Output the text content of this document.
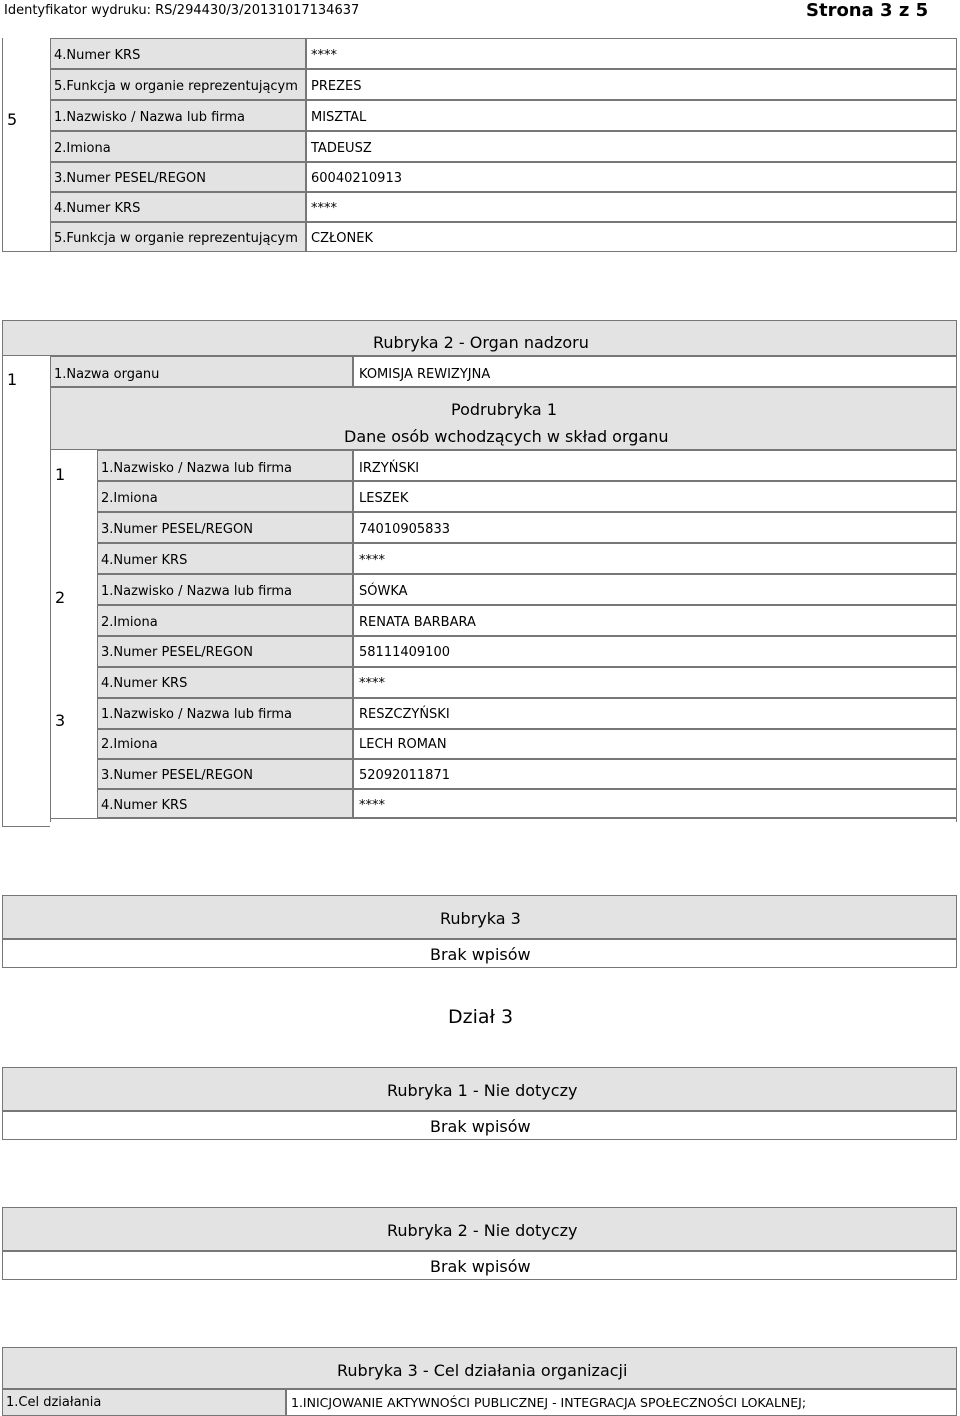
Identyfikator wydruku: RS/294430/3/20131017134637	Strona 3 z 5
5
4.Numer KRS	****
5.Funkcja w organie reprezentującym PREZES
1.Nazwisko / Nazwa lub firma	MISZTAL
2.Imiona	TADEUSZ
3.Numer PESEL/REGON	60040210913
4.Numer KRS	****
5.Funkcja w organie reprezentującym CZŁONEK
Rubryka 2 - Organ nadzoru
1	1.Nazwa organu	KOMISJA REWIZYJNA
Podrubryka 1
Dane osób wchodzących w skład organu
1	1.Nazwisko / Nazwa lub firma	IRZYŃSKI
2.Imiona	LESZEK
3.Numer PESEL/REGON	74010905833
4.Numer KRS	****
2	1.Nazwisko / Nazwa lub firma	SÓWKA
2.Imiona	RENATA BARBARA
3.Numer PESEL/REGON	58111409100
4.Numer KRS	****
3	1.Nazwisko / Nazwa lub firma	RESZCZYŃSKI
2.Imiona	LECH ROMAN
3.Numer PESEL/REGON	52092011871
4.Numer KRS	****
Rubryka 3
Brak wpisów
Dział 3
Rubryka 1 - Nie dotyczy
Brak wpisów
Rubryka 2 - Nie dotyczy
Brak wpisów
Rubryka 3 - Cel działania organizacji
1.Cel działania	1.INICJOWANIE AKTYWNOŚCI PUBLICZNEJ - INTEGRACJA SPOŁECZNOŚCI LOKALNEJ;
